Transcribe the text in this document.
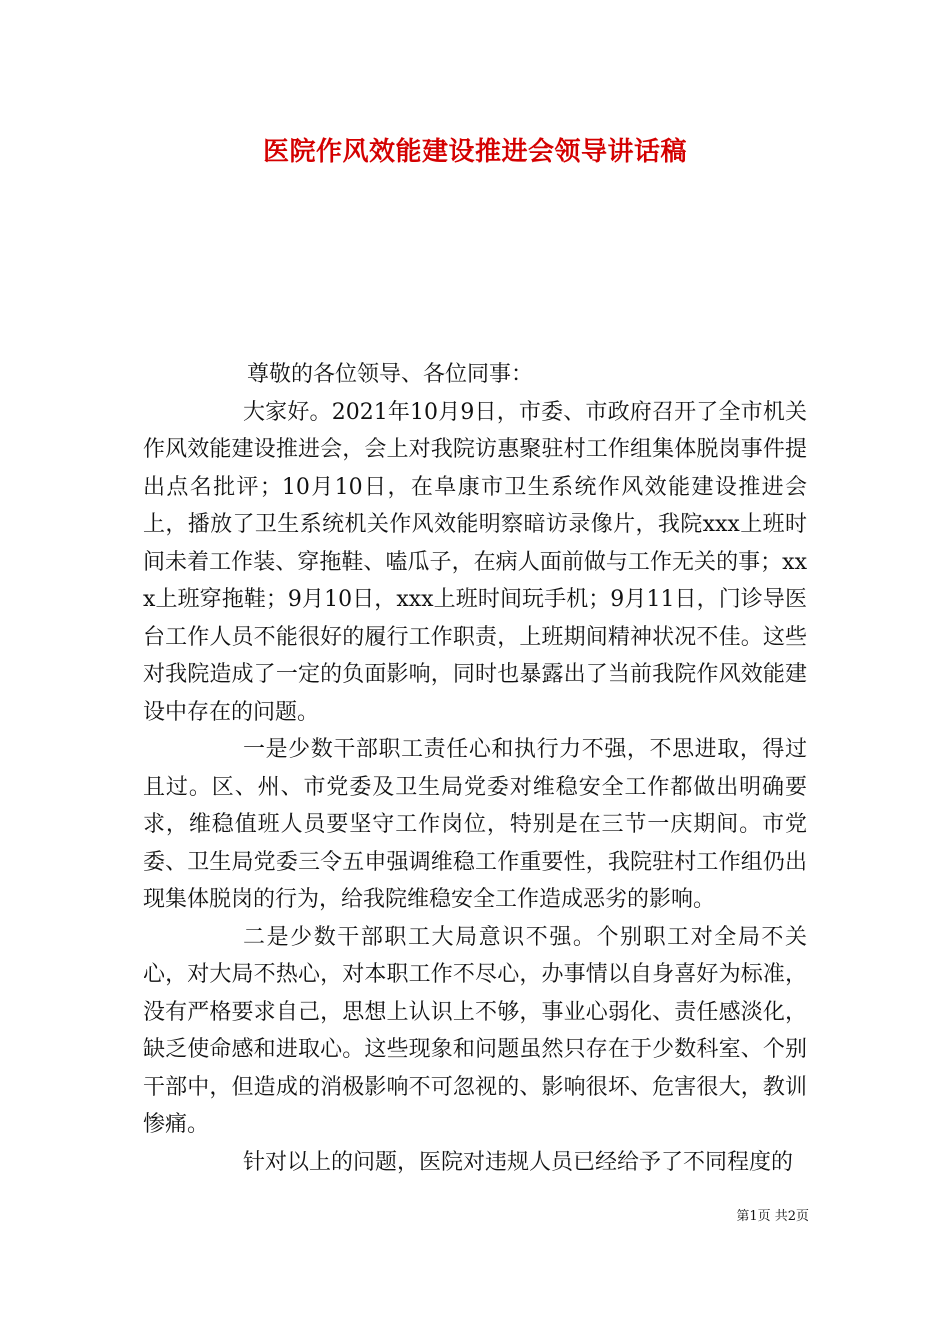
医院作风效能建设推进会领导讲话稿

尊敬的各位领导、各位同事：

大家好。2021年10月9日，市委、市政府召开了全市机关作风效能建设推进会，会上对我院访惠聚驻村工作组集体脱岗事件提出点名批评；10月10日，在阜康市卫生系统作风效能建设推进会上，播放了卫生系统机关作风效能明察暗访录像片，我院xxx上班时间未着工作装、穿拖鞋、嗑瓜子，在病人面前做与工作无关的事；xxx上班穿拖鞋；9月10日，xxx上班时间玩手机；9月11日，门诊导医台工作人员不能很好的履行工作职责，上班期间精神状况不佳。这些对我院造成了一定的负面影响，同时也暴露出了当前我院作风效能建设中存在的问题。

一是少数干部职工责任心和执行力不强，不思进取，得过且过。区、州、市党委及卫生局党委对维稳安全工作都做出明确要求，维稳值班人员要坚守工作岗位，特别是在三节一庆期间。市党委、卫生局党委三令五申强调维稳工作重要性，我院驻村工作组仍出现集体脱岗的行为，给我院维稳安全工作造成恶劣的影响。

二是少数干部职工大局意识不强。个别职工对全局不关心，对大局不热心，对本职工作不尽心，办事情以自身喜好为标准，没有严格要求自己，思想上认识上不够，事业心弱化、责任感淡化，缺乏使命感和进取心。这些现象和问题虽然只存在于少数科室、个别干部中，但造成的消极影响不可忽视的、影响很坏、危害很大，教训惨痛。

针对以上的问题，医院对违规人员已经给予了不同程度的

第1页 共2页
